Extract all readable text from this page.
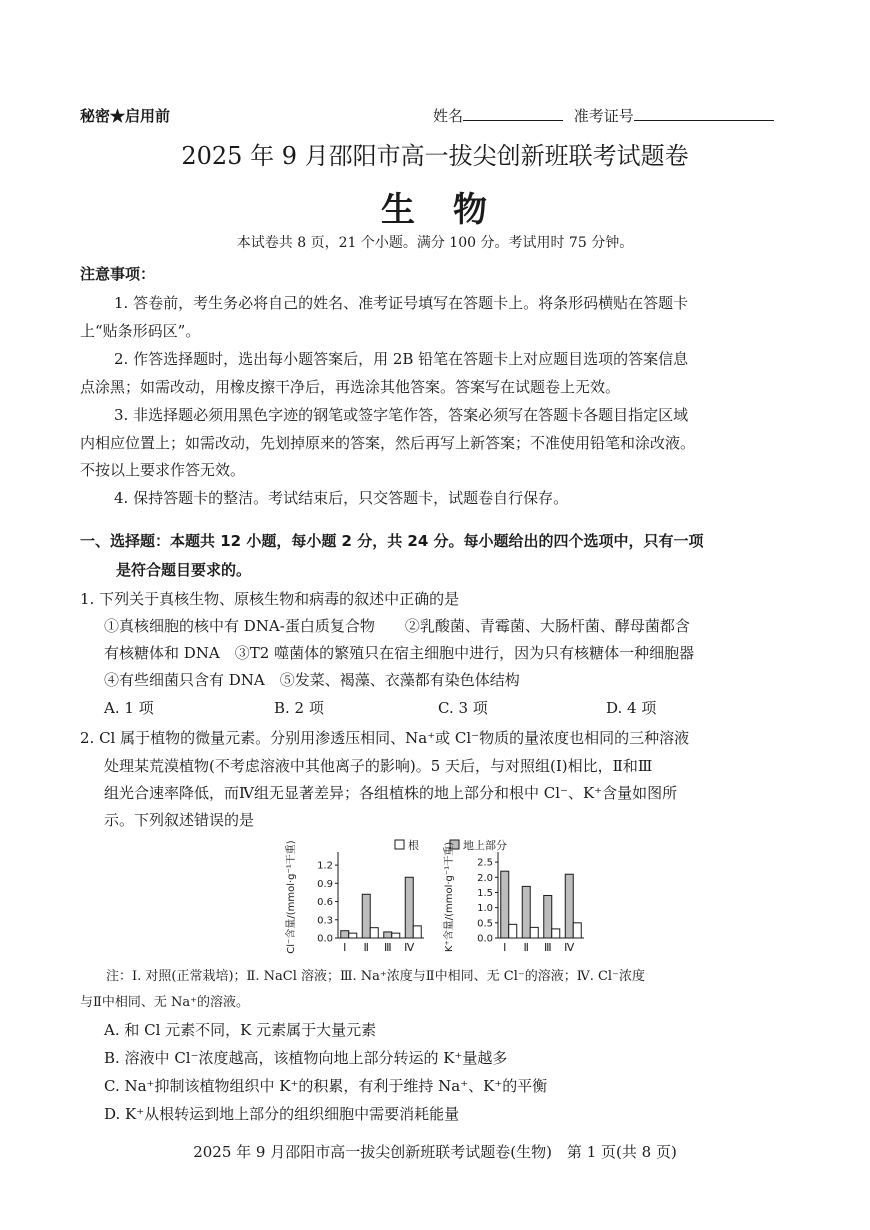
秘密★启用前	姓名	准考证号
2025 年 9 月邵阳市高一拔尖创新班联考试题卷
生　物
本试卷共 8 页，21 个小题。满分 100 分。考试用时 75 分钟。
注意事项：
1. 答卷前，考生务必将自己的姓名、准考证号填写在答题卡上。将条形码横贴在答题卡
上“贴条形码区”。
2. 作答选择题时，选出每小题答案后，用 2B 铅笔在答题卡上对应题目选项的答案信息
点涂黑；如需改动，用橡皮擦干净后，再选涂其他答案。答案写在试题卷上无效。
3. 非选择题必须用黑色字迹的钢笔或签字笔作答，答案必须写在答题卡各题目指定区域
内相应位置上；如需改动，先划掉原来的答案，然后再写上新答案；不准使用铅笔和涂改液。
不按以上要求作答无效。
4. 保持答题卡的整洁。考试结束后，只交答题卡，试题卷自行保存。
一、选择题：本题共 12 小题，每小题 2 分，共 24 分。每小题给出的四个选项中，只有一项
是符合题目要求的。
1. 下列关于真核生物、原核生物和病毒的叙述中正确的是
①真核细胞的核中有 DNA-蛋白质复合物　　②乳酸菌、青霉菌、大肠杆菌、酵母菌都含
有核糖体和 DNA　③T2 噬菌体的繁殖只在宿主细胞中进行，因为只有核糖体一种细胞器
④有些细菌只含有 DNA　⑤发菜、褐藻、衣藻都有染色体结构
A. 1 项	B. 2 项	C. 3 项	D. 4 项
2. Cl 属于植物的微量元素。分别用渗透压相同、Na⁺或 Cl⁻物质的量浓度也相同的三种溶液
处理某荒漠植物(不考虑溶液中其他离子的影响)。5 天后，与对照组(Ⅰ)相比，Ⅱ和Ⅲ
组光合速率降低，而Ⅳ组无显著差异；各组植株的地上部分和根中 Cl⁻、K⁺含量如图所
示。下列叙述错误的是
根	地上部分
0.0
0.3
0.6
0.9
1.2
Cl⁻含量/(mmol·g⁻¹干重)	Ⅰ Ⅱ Ⅲ Ⅳ
0.0
0.5
1.0
1.5
2.0
2.5
K⁺含量/(mmol·g⁻¹干重)	Ⅰ Ⅱ Ⅲ Ⅳ
注：Ⅰ. 对照(正常栽培)；Ⅱ. NaCl 溶液；Ⅲ. Na⁺浓度与Ⅱ中相同、无 Cl⁻的溶液；Ⅳ. Cl⁻浓度
与Ⅱ中相同、无 Na⁺的溶液。
A. 和 Cl 元素不同，K 元素属于大量元素
B. 溶液中 Cl⁻浓度越高，该植物向地上部分转运的 K⁺量越多
C. Na⁺抑制该植物组织中 K⁺的积累，有利于维持 Na⁺、K⁺的平衡
D. K⁺从根转运到地上部分的组织细胞中需要消耗能量
2025 年 9 月邵阳市高一拔尖创新班联考试题卷(生物)　第 1 页(共 8 页)
